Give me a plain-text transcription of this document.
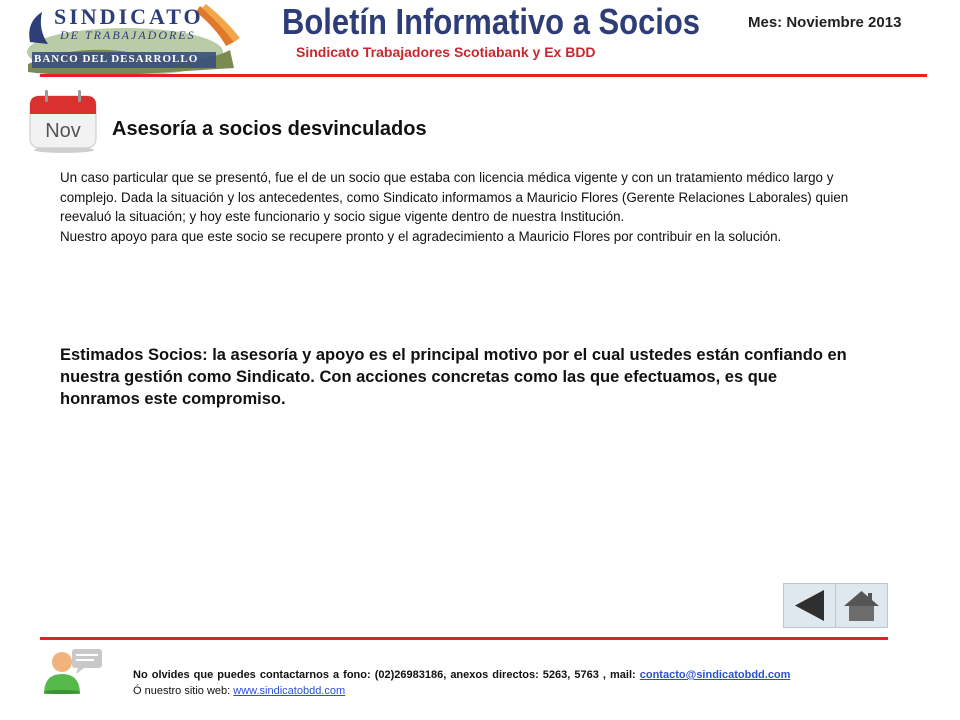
SINDICATO
DE TRABAJADORES
BANCO DEL DESARROLLO
Boletín Informativo a Socios
Sindicato Trabajadores Scotiabank y Ex BDD
Mes: Noviembre 2013
Nov Asesoría a socios desvinculados

Un caso particular que se presentó, fue el de un socio que estaba con licencia médica vigente y con un tratamiento médico largo y complejo. Dada la situación y los antecedentes, como Sindicato informamos a Mauricio Flores (Gerente Relaciones Laborales) quien reevaluó la situación; y hoy este funcionario y socio sigue vigente dentro de nuestra Institución.

Nuestro apoyo para que este socio se recupere pronto y el agradecimiento a Mauricio Flores por contribuir en la solución.

Estimados Socios: la asesoría y apoyo es el principal motivo por el cual ustedes están confiando en nuestra gestión como Sindicato. Con acciones concretas como las que efectuamos, es que honramos este compromiso.
No olvides que puedes contactarnos a fono: (02)26983186, anexos directos: 5263, 5763 , mail: contacto@sindicatobdd.com
Ó nuestro sitio web: www.sindicatobdd.com
